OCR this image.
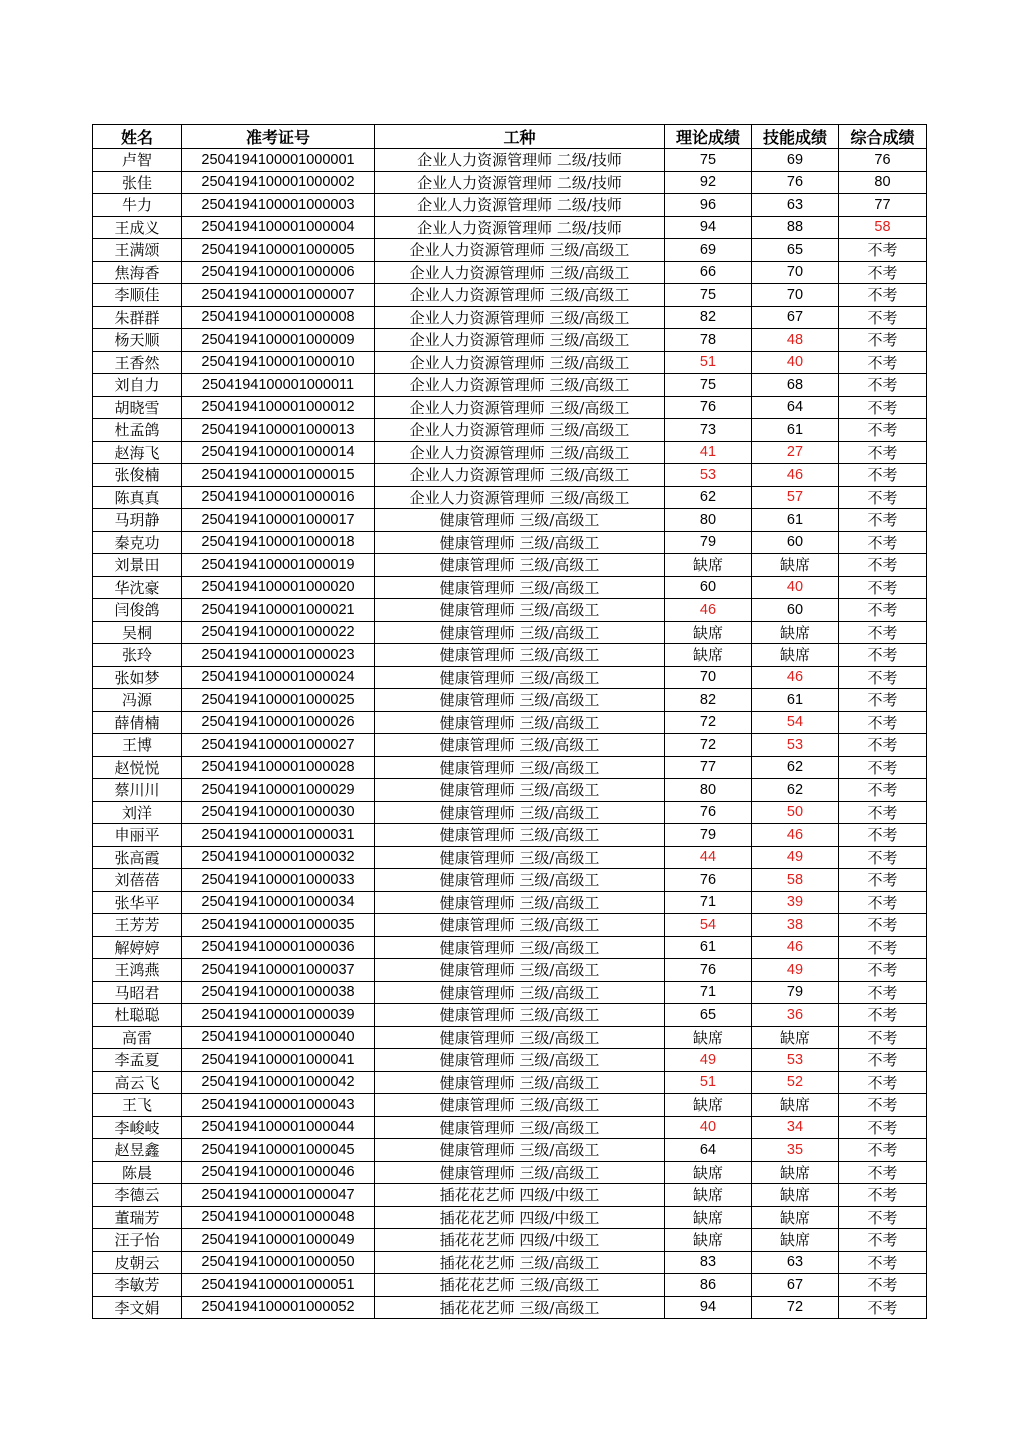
姓名	准考证号	工种	理论成绩	技能成绩	综合成绩
卢智	2504194100001000001	企业人力资源管理师 二级/技师	75	69	76
张佳	2504194100001000002	企业人力资源管理师 二级/技师	92	76	80
牛力	2504194100001000003	企业人力资源管理师 二级/技师	96	63	77
王成义	2504194100001000004	企业人力资源管理师 二级/技师	94	88	58
王满颂	2504194100001000005	企业人力资源管理师 三级/高级工	69	65	不考
焦海香	2504194100001000006	企业人力资源管理师 三级/高级工	66	70	不考
李顺佳	2504194100001000007	企业人力资源管理师 三级/高级工	75	70	不考
朱群群	2504194100001000008	企业人力资源管理师 三级/高级工	82	67	不考
杨天顺	2504194100001000009	企业人力资源管理师 三级/高级工	78	48	不考
王香然	2504194100001000010	企业人力资源管理师 三级/高级工	51	40	不考
刘自力	2504194100001000011	企业人力资源管理师 三级/高级工	75	68	不考
胡晓雪	2504194100001000012	企业人力资源管理师 三级/高级工	76	64	不考
杜孟鸽	2504194100001000013	企业人力资源管理师 三级/高级工	73	61	不考
赵海飞	2504194100001000014	企业人力资源管理师 三级/高级工	41	27	不考
张俊楠	2504194100001000015	企业人力资源管理师 三级/高级工	53	46	不考
陈真真	2504194100001000016	企业人力资源管理师 三级/高级工	62	57	不考
马玥静	2504194100001000017	健康管理师 三级/高级工	80	61	不考
秦克功	2504194100001000018	健康管理师 三级/高级工	79	60	不考
刘景田	2504194100001000019	健康管理师 三级/高级工	缺席	缺席	不考
华沈豪	2504194100001000020	健康管理师 三级/高级工	60	40	不考
闫俊鸽	2504194100001000021	健康管理师 三级/高级工	46	60	不考
吴桐	2504194100001000022	健康管理师 三级/高级工	缺席	缺席	不考
张玲	2504194100001000023	健康管理师 三级/高级工	缺席	缺席	不考
张如梦	2504194100001000024	健康管理师 三级/高级工	70	46	不考
冯源	2504194100001000025	健康管理师 三级/高级工	82	61	不考
薛倩楠	2504194100001000026	健康管理师 三级/高级工	72	54	不考
王博	2504194100001000027	健康管理师 三级/高级工	72	53	不考
赵悦悦	2504194100001000028	健康管理师 三级/高级工	77	62	不考
蔡川川	2504194100001000029	健康管理师 三级/高级工	80	62	不考
刘洋	2504194100001000030	健康管理师 三级/高级工	76	50	不考
申丽平	2504194100001000031	健康管理师 三级/高级工	79	46	不考
张高霞	2504194100001000032	健康管理师 三级/高级工	44	49	不考
刘蓓蓓	2504194100001000033	健康管理师 三级/高级工	76	58	不考
张华平	2504194100001000034	健康管理师 三级/高级工	71	39	不考
王芳芳	2504194100001000035	健康管理师 三级/高级工	54	38	不考
解婷婷	2504194100001000036	健康管理师 三级/高级工	61	46	不考
王鸿燕	2504194100001000037	健康管理师 三级/高级工	76	49	不考
马昭君	2504194100001000038	健康管理师 三级/高级工	71	79	不考
杜聪聪	2504194100001000039	健康管理师 三级/高级工	65	36	不考
高雷	2504194100001000040	健康管理师 三级/高级工	缺席	缺席	不考
李孟夏	2504194100001000041	健康管理师 三级/高级工	49	53	不考
高云飞	2504194100001000042	健康管理师 三级/高级工	51	52	不考
王飞	2504194100001000043	健康管理师 三级/高级工	缺席	缺席	不考
李峻岐	2504194100001000044	健康管理师 三级/高级工	40	34	不考
赵昱鑫	2504194100001000045	健康管理师 三级/高级工	64	35	不考
陈晨	2504194100001000046	健康管理师 三级/高级工	缺席	缺席	不考
李德云	2504194100001000047	插花花艺师 四级/中级工	缺席	缺席	不考
董瑞芳	2504194100001000048	插花花艺师 四级/中级工	缺席	缺席	不考
汪子怡	2504194100001000049	插花花艺师 四级/中级工	缺席	缺席	不考
皮朝云	2504194100001000050	插花花艺师 三级/高级工	83	63	不考
李敏芳	2504194100001000051	插花花艺师 三级/高级工	86	67	不考
李文娟	2504194100001000052	插花花艺师 三级/高级工	94	72	不考
